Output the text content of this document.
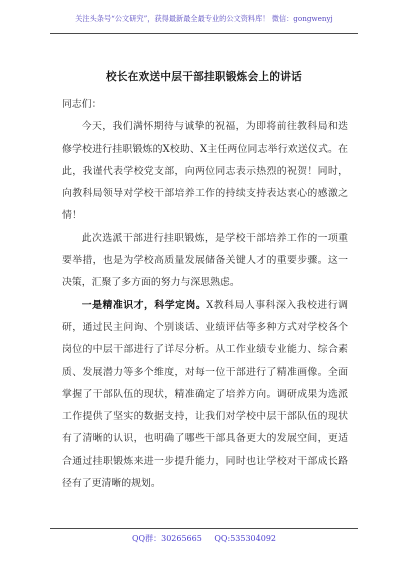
关注头条号“公文研究”，获得最新最全最专业的公文资料库！ 微信：gongwenyj
校长在欢送中层干部挂职锻炼会上的讲话

同志们：

今天，我们满怀期待与诚挚的祝福，为即将前往教科局和迭修学校进行挂职锻炼的X校助、X主任两位同志举行欢送仪式。在此，我谨代表学校党支部，向两位同志表示热烈的祝贺！同时，向教科局领导对学校干部培养工作的持续支持表达衷心的感激之情！

此次选派干部进行挂职锻炼，是学校干部培养工作的一项重要举措，也是为学校高质量发展储备关键人才的重要步骤。这一决策，汇聚了多方面的努力与深思熟虑。

一是精准识才，科学定岗。X教科局人事科深入我校进行调研，通过民主问询、个别谈话、业绩评估等多种方式对学校各个岗位的中层干部进行了详尽分析。从工作业绩专业能力、综合素质、发展潜力等多个维度，对每一位干部进行了精准画像。全面掌握了干部队伍的现状，精准确定了培养方向。调研成果为选派工作提供了坚实的数据支持，让我们对学校中层干部队伍的现状有了清晰的认识，也明确了哪些干部具备更大的发展空间，更适合通过挂职锻炼来进一步提升能力，同时也让学校对干部成长路径有了更清晰的规划。

QQ群：30265665 QQ:535304092
